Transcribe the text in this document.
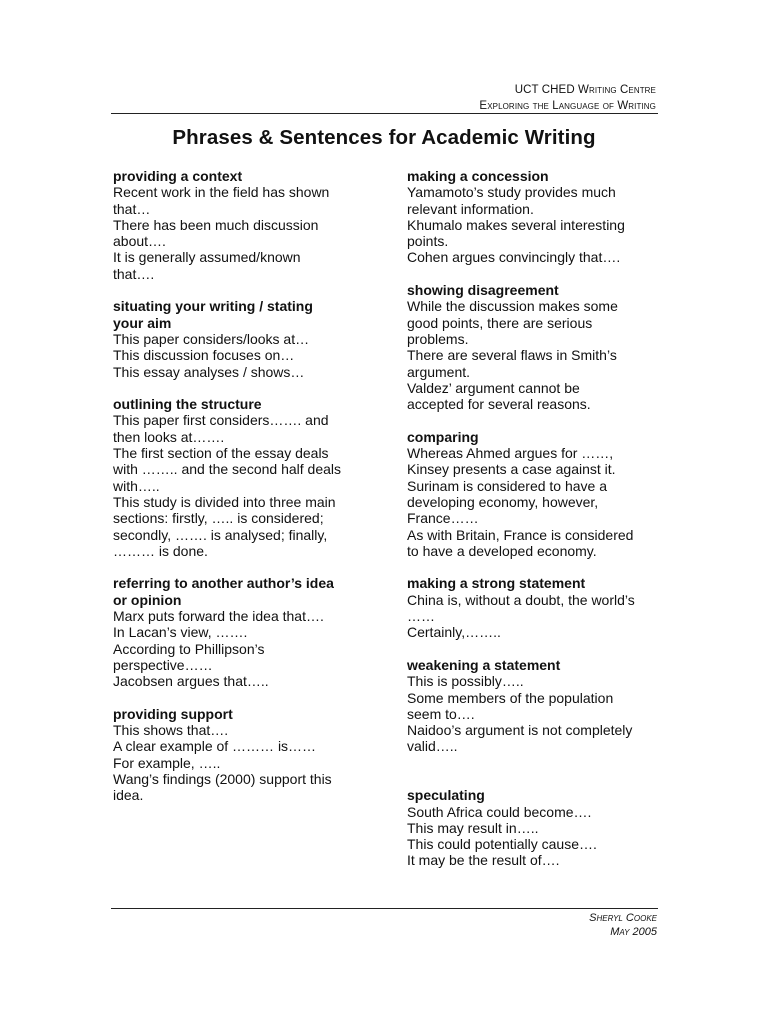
UCT CHED Writing Centre
Exploring the Language of Writing
Phrases & Sentences for Academic Writing
providing a context
Recent work in the field has shown
that…
There has been much discussion
about….
It is generally assumed/known
that….
situating your writing / stating
your aim
This paper considers/looks at…
This discussion focuses on…
This essay analyses / shows…
outlining the structure
This paper first considers……. and
then looks at…….
The first section of the essay deals
with …….. and the second half deals
with…..
This study is divided into three main
sections: firstly, ….. is considered;
secondly, ……. is analysed; finally,
……… is done.
referring to another author’s idea
or opinion
Marx puts forward the idea that….
In Lacan’s view, …….
According to Phillipson’s
perspective……
Jacobsen argues that…..
providing support
This shows that….
A clear example of ……… is……
For example, …..
Wang’s findings (2000) support this
idea.
making a concession
Yamamoto’s study provides much
relevant information.
Khumalo makes several interesting
points.
Cohen argues convincingly that….
showing disagreement
While the discussion makes some
good points, there are serious
problems.
There are several flaws in Smith’s
argument.
Valdez’ argument cannot be
accepted for several reasons.
comparing
Whereas Ahmed argues for ……,
Kinsey presents a case against it.
Surinam is considered to have a
developing economy, however,
France……
As with Britain, France is considered
to have a developed economy.
making a strong statement
China is, without a doubt, the world’s
……
Certainly,……..
weakening a statement
This is possibly…..
Some members of the population
seem to….
Naidoo’s argument is not completely
valid…..
speculating
South Africa could become….
This may result in…..
This could potentially cause….
It may be the result of….
Sheryl Cooke
May 2005
